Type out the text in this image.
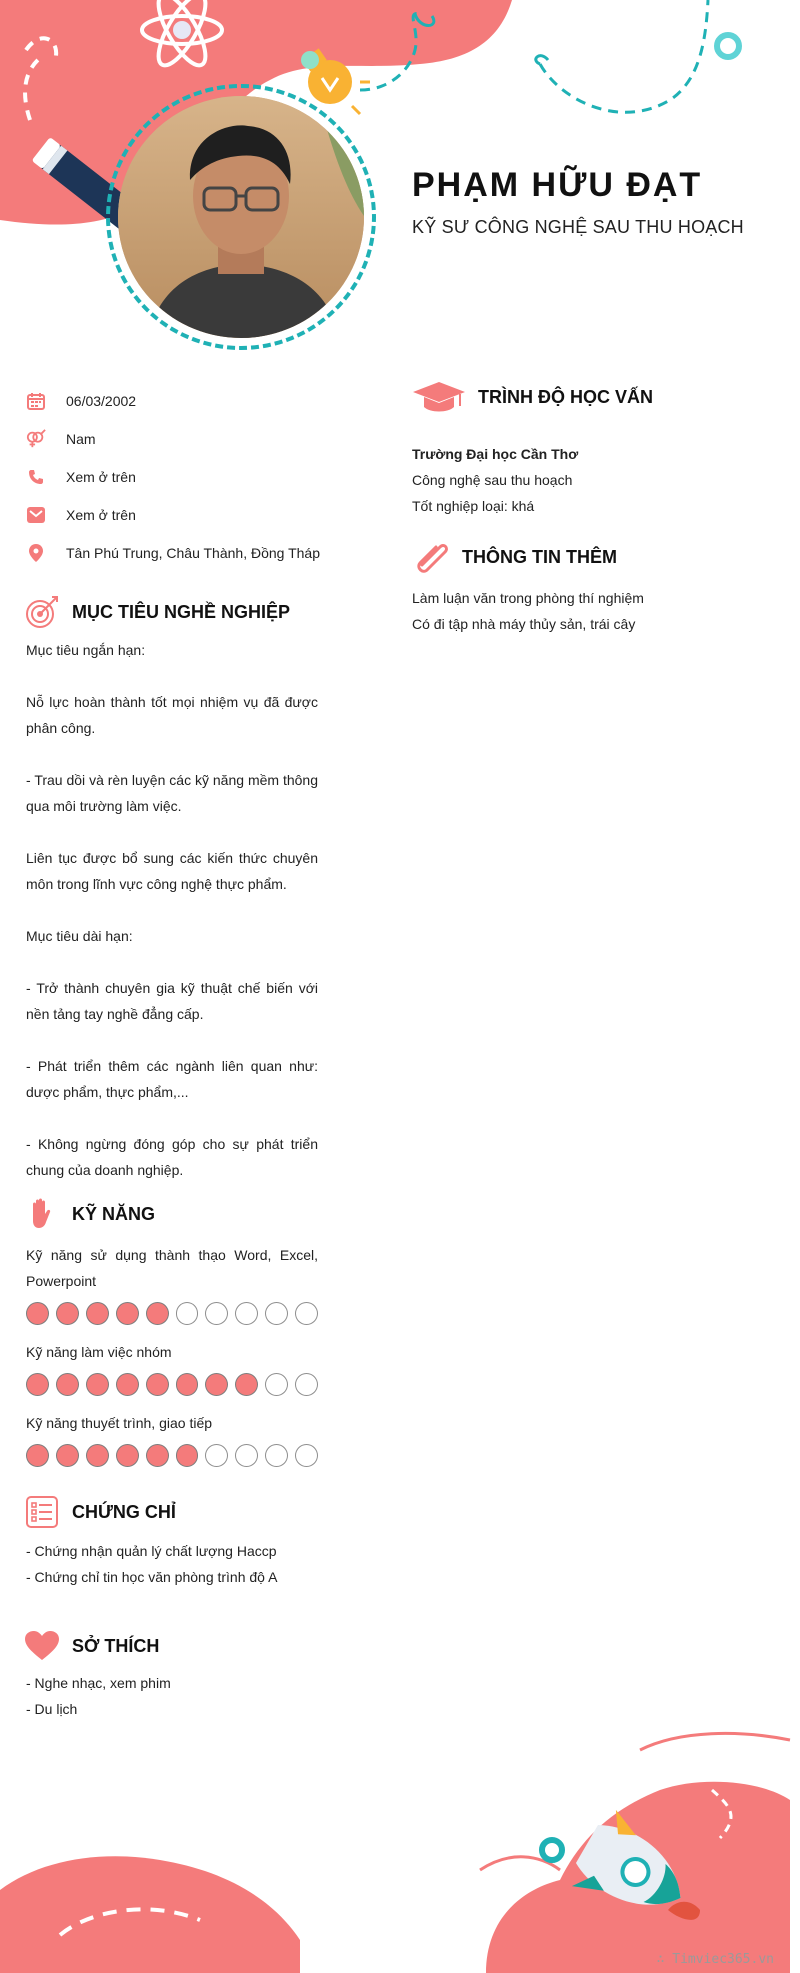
PHẠM HỮU ĐẠT
KỸ SƯ CÔNG NGHỆ SAU THU HOẠCH
06/03/2002
Nam
Xem ở trên
Xem ở trên
Tân Phú Trung, Châu Thành, Đồng Tháp
MỤC TIÊU NGHỀ NGHIỆP

Mục tiêu ngắn hạn:

Nỗ lực hoàn thành tốt mọi nhiệm vụ đã được phân công.

- Trau dồi và rèn luyện các kỹ năng mềm thông qua môi trường làm việc.

Liên tục được bổ sung các kiến thức chuyên môn trong lĩnh vực công nghệ thực phẩm.

Mục tiêu dài hạn:

- Trở thành chuyên gia kỹ thuật chế biến với nền tảng tay nghề đẳng cấp.

- Phát triển thêm các ngành liên quan như: dược phẩm, thực phẩm,...

- Không ngừng đóng góp cho sự phát triển chung của doanh nghiệp.

KỸ NĂNG
Kỹ năng sử dụng thành thạo Word, Excel, Powerpoint
Kỹ năng làm việc nhóm
Kỹ năng thuyết trình, giao tiếp
CHỨNG CHỈ

- Chứng nhận quản lý chất lượng Haccp

- Chứng chỉ tin học văn phòng trình độ A

SỞ THÍCH

- Nghe nhạc, xem phim

- Du lịch

TRÌNH ĐỘ HỌC VẤN

Trường Đại học Cần Thơ

Công nghệ sau thu hoạch

Tốt nghiệp loại: khá

THÔNG TIN THÊM

Làm luận văn trong phòng thí nghiệm

Có đi tập nhà máy thủy sản, trái cây

∴ Timviec365.vn
